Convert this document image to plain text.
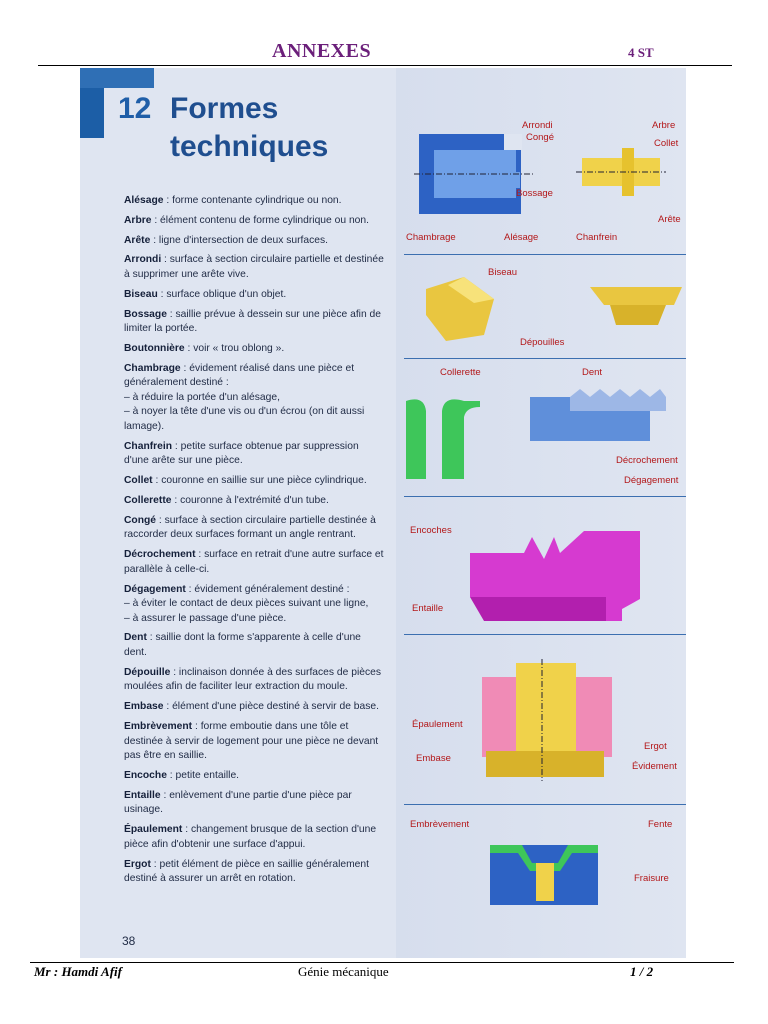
ANNEXES	4 ST
12 Formes
techniques

Alésage : forme contenante cylindrique ou non.

Arbre : élément contenu de forme cylindrique ou non.

Arête : ligne d'intersection de deux surfaces.

Arrondi : surface à section circulaire partielle et destinée à supprimer une arête vive.

Biseau : surface oblique d'un objet.

Bossage : saillie prévue à dessein sur une pièce afin de limiter la portée.

Boutonnière : voir « trou oblong ».

Chambrage : évidement réalisé dans une pièce et généralement destiné :
– à réduire la portée d'un alésage,
– à noyer la tête d'une vis ou d'un écrou (on dit aussi lamage).

Chanfrein : petite surface obtenue par suppression d'une arête sur une pièce.

Collet : couronne en saillie sur une pièce cylindrique.

Collerette : couronne à l'extrémité d'un tube.

Congé : surface à section circulaire partielle destinée à raccorder deux surfaces formant un angle rentrant.

Décrochement : surface en retrait d'une autre surface et parallèle à celle-ci.

Dégagement : évidement généralement destiné :
– à éviter le contact de deux pièces suivant une ligne,
– à assurer le passage d'une pièce.

Dent : saillie dont la forme s'apparente à celle d'une dent.

Dépouille : inclinaison donnée à des surfaces de pièces moulées afin de faciliter leur extraction du moule.

Embase : élément d'une pièce destiné à servir de base.

Embrèvement : forme emboutie dans une tôle et destinée à servir de logement pour une pièce ne devant pas être en saillie.

Encoche : petite entaille.

Entaille : enlèvement d'une partie d'une pièce par usinage.

Épaulement : changement brusque de la section d'une pièce afin d'obtenir une surface d'appui.

Ergot : petit élément de pièce en saillie généralement destiné à assurer un arrêt en rotation.

38
Arrondi
Congé
Bossage
Chambrage	Alésage
Arbre
Collet
Arête
Chanfrein
Biseau
Dépouilles
Collerette	Dent
Décrochement
Dégagement
Encoches
Entaille
Épaulement
Embase
Ergot
Évidement
Embrèvement	Fente
Fraisure
Mr : Hamdi Afif	Génie mécanique	1 / 2
